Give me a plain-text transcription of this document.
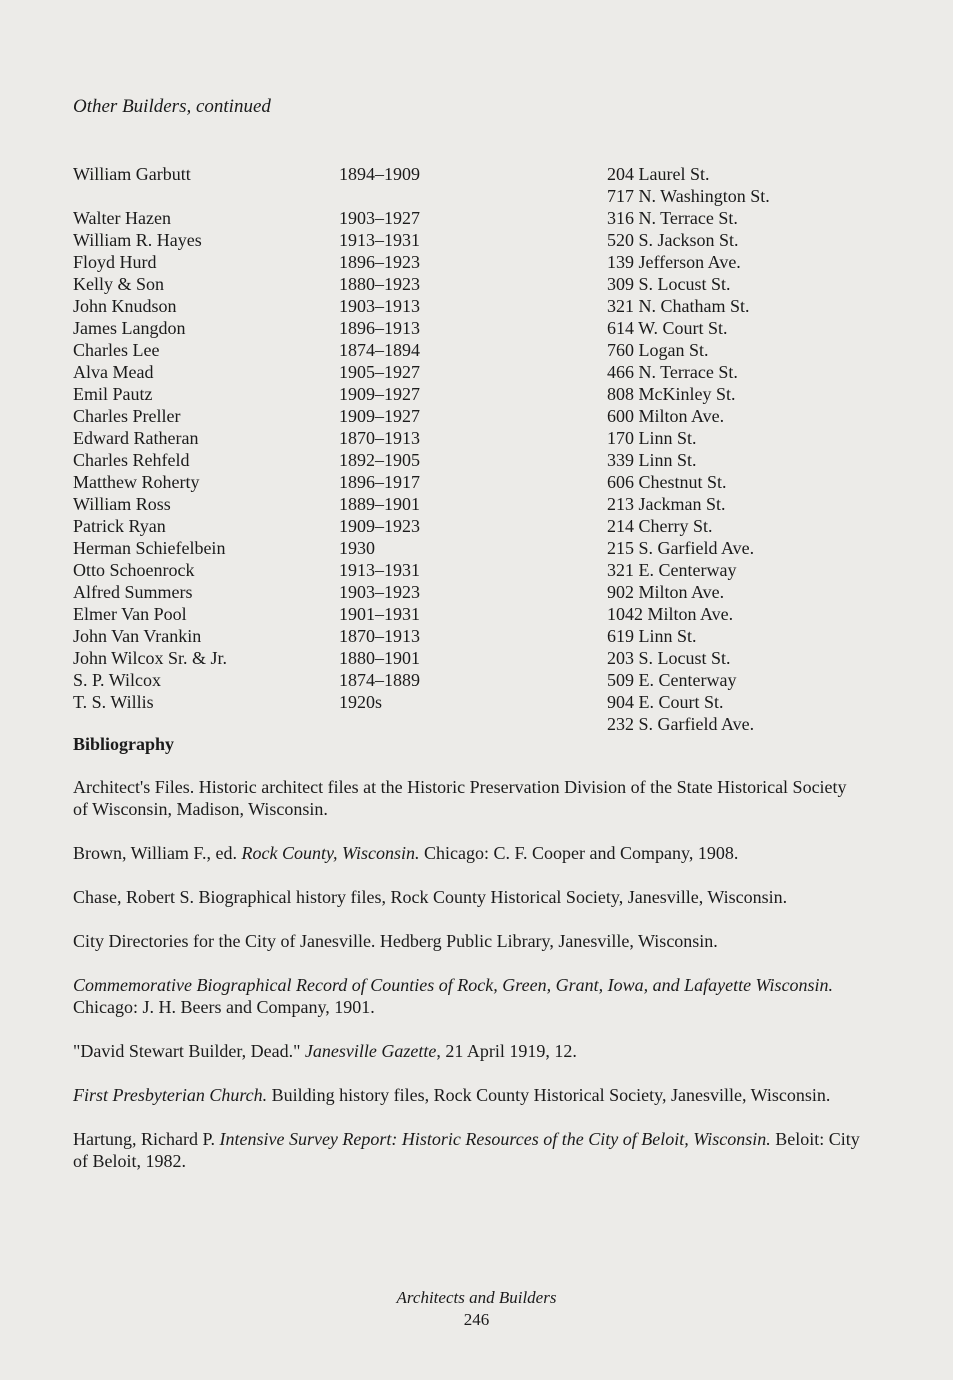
Other Builders, continued
William Garbutt	1894–1909	204 Laurel St.
717 N. Washington St.
Walter Hazen	1903–1927	316 N. Terrace St.
William R. Hayes	1913–1931	520 S. Jackson St.
Floyd Hurd	1896–1923	139 Jefferson Ave.
Kelly & Son	1880–1923	309 S. Locust St.
John Knudson	1903–1913	321 N. Chatham St.
James Langdon	1896–1913	614 W. Court St.
Charles Lee	1874–1894	760 Logan St.
Alva Mead	1905–1927	466 N. Terrace St.
Emil Pautz	1909–1927	808 McKinley St.
Charles Preller	1909–1927	600 Milton Ave.
Edward Ratheran	1870–1913	170 Linn St.
Charles Rehfeld	1892–1905	339 Linn St.
Matthew Roherty	1896–1917	606 Chestnut St.
William Ross	1889–1901	213 Jackman St.
Patrick Ryan	1909–1923	214 Cherry St.
Herman Schiefelbein	1930	215 S. Garfield Ave.
Otto Schoenrock	1913–1931	321 E. Centerway
Alfred Summers	1903–1923	902 Milton Ave.
Elmer Van Pool	1901–1931	1042 Milton Ave.
John Van Vrankin	1870–1913	619 Linn St.
John Wilcox Sr. & Jr.	1880–1901	203 S. Locust St.
S. P. Wilcox	1874–1889	509 E. Centerway
T. S. Willis	1920s	904 E. Court St.
232 S. Garfield Ave.
Bibliography
Architect's Files. Historic architect files at the Historic Preservation Division of the State Historical Society of Wisconsin, Madison, Wisconsin.
Brown, William F., ed. Rock County, Wisconsin. Chicago: C. F. Cooper and Company, 1908.
Chase, Robert S. Biographical history files, Rock County Historical Society, Janesville, Wisconsin.
City Directories for the City of Janesville. Hedberg Public Library, Janesville, Wisconsin.
Commemorative Biographical Record of Counties of Rock, Green, Grant, Iowa, and Lafayette Wisconsin. Chicago: J. H. Beers and Company, 1901.
"David Stewart Builder, Dead." Janesville Gazette, 21 April 1919, 12.
First Presbyterian Church. Building history files, Rock County Historical Society, Janesville, Wisconsin.
Hartung, Richard P. Intensive Survey Report: Historic Resources of the City of Beloit, Wisconsin. Beloit: City of Beloit, 1982.
Architects and Builders
246
